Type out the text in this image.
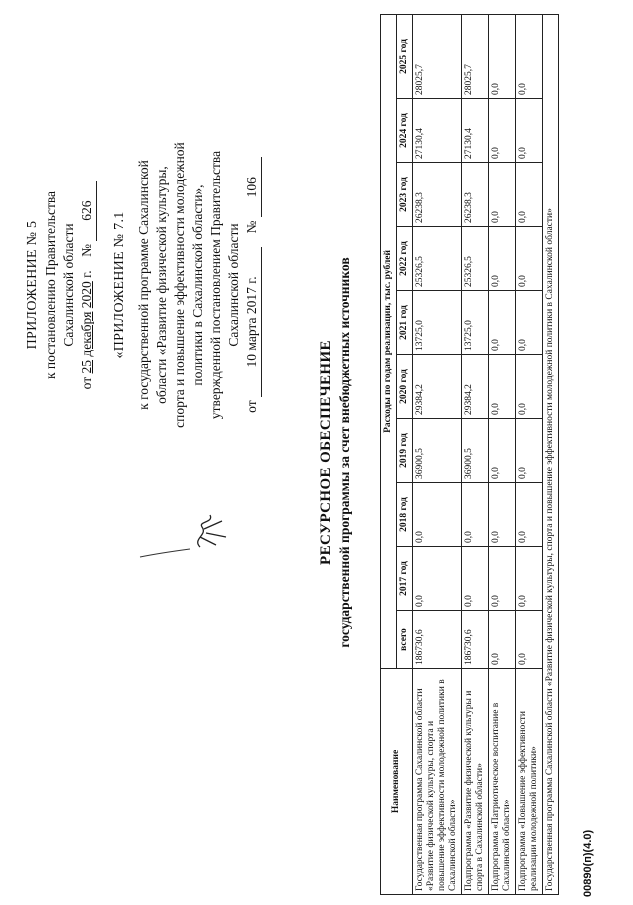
ПРИЛОЖЕНИЕ № 5 к постановлению Правительства Сахалинской области
от 25 декабря 2020 г.    № 626
«ПРИЛОЖЕНИЕ № 7.1 к государственной программе Сахалинской области «Развитие физической культуры, спорта и повышение эффективности молодежной политики в Сахалинской области», утвержденной постановлением Правительства Сахалинской области
от 10 марта 2017 г.    № 106
РЕСУРСНОЕ ОБЕСПЕЧЕНИЕ государственной программы за счет внебюджетных источников
Наименование	Расходы по годам реализации, тыс. рублей									
	всего	2017 год	2018 год	2019 год	2020 год	2021 год	2022 год	2023 год	2024 год	2025 год
Государственная программа Сахалинской области «Развитие физической культуры, спорта и повышение эффективности молодежной политики в Сахалинской области»	186730,6	0,0	0,0	36900,5	29384,2	13725,0	25326,5	26238,3	27130,4	28025,7
Подпрограмма «Развитие физической культуры и спорта в Сахалинской области»	186730,6	0,0	0,0	36900,5	29384,2	13725,0	25326,5	26238,3	27130,4	28025,7
Подпрограмма «Патриотическое воспитание в Сахалинской области»	0,0	0,0	0,0	0,0	0,0	0,0	0,0	0,0	0,0	0,0
Подпрограмма «Повышение эффективности реализации молодежной политики»	0,0	0,0	0,0	0,0	0,0	0,0	0,0	0,0	0,0	0,0
Государственная программа Сахалинской области «Развитие физической культуры, спорта и повышение эффективности молодежной политики в Сахалинской области»										00890(п)(4.0)
